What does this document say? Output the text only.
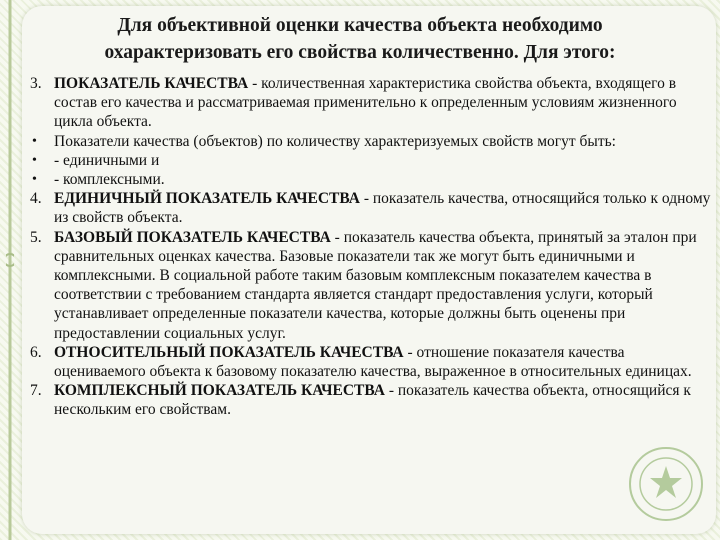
Для объективной оценки качества объекта необходимо
охарактеризовать его свойства количественно. Для этого:
3. ПОКАЗАТЕЛЬ КАЧЕСТВА - количественная характеристика свойства объекта, входящего в состав его качества и рассматриваемая применительно к определенным условиям жизненного цикла объекта.
• Показатели качества (объектов) по количеству характеризуемых свойств могут быть:
• - единичными и
• - комплексными.
4. ЕДИНИЧНЫЙ ПОКАЗАТЕЛЬ КАЧЕСТВА - показатель качества, относящийся только к одному из свойств объекта.
5. БАЗОВЫЙ ПОКАЗАТЕЛЬ КАЧЕСТВА - показатель качества объекта, принятый за эталон при сравнительных оценках качества. Базовые показатели так же могут быть единичными и комплексными. В социальной работе таким базовым комплексным показателем качества в соответствии с требованием стандарта является стандарт предоставления услуги, который устанавливает определенные показатели качества, которые должны быть оценены при предоставлении социальных услуг.
6. ОТНОСИТЕЛЬНЫЙ ПОКАЗАТЕЛЬ КАЧЕСТВА - отношение показателя качества оцениваемого объекта к базовому показателю качества, выраженное в относительных единицах.
7. КОМПЛЕКСНЫЙ ПОКАЗАТЕЛЬ КАЧЕСТВА - показатель качества объекта, относящийся к нескольким его свойствам.
